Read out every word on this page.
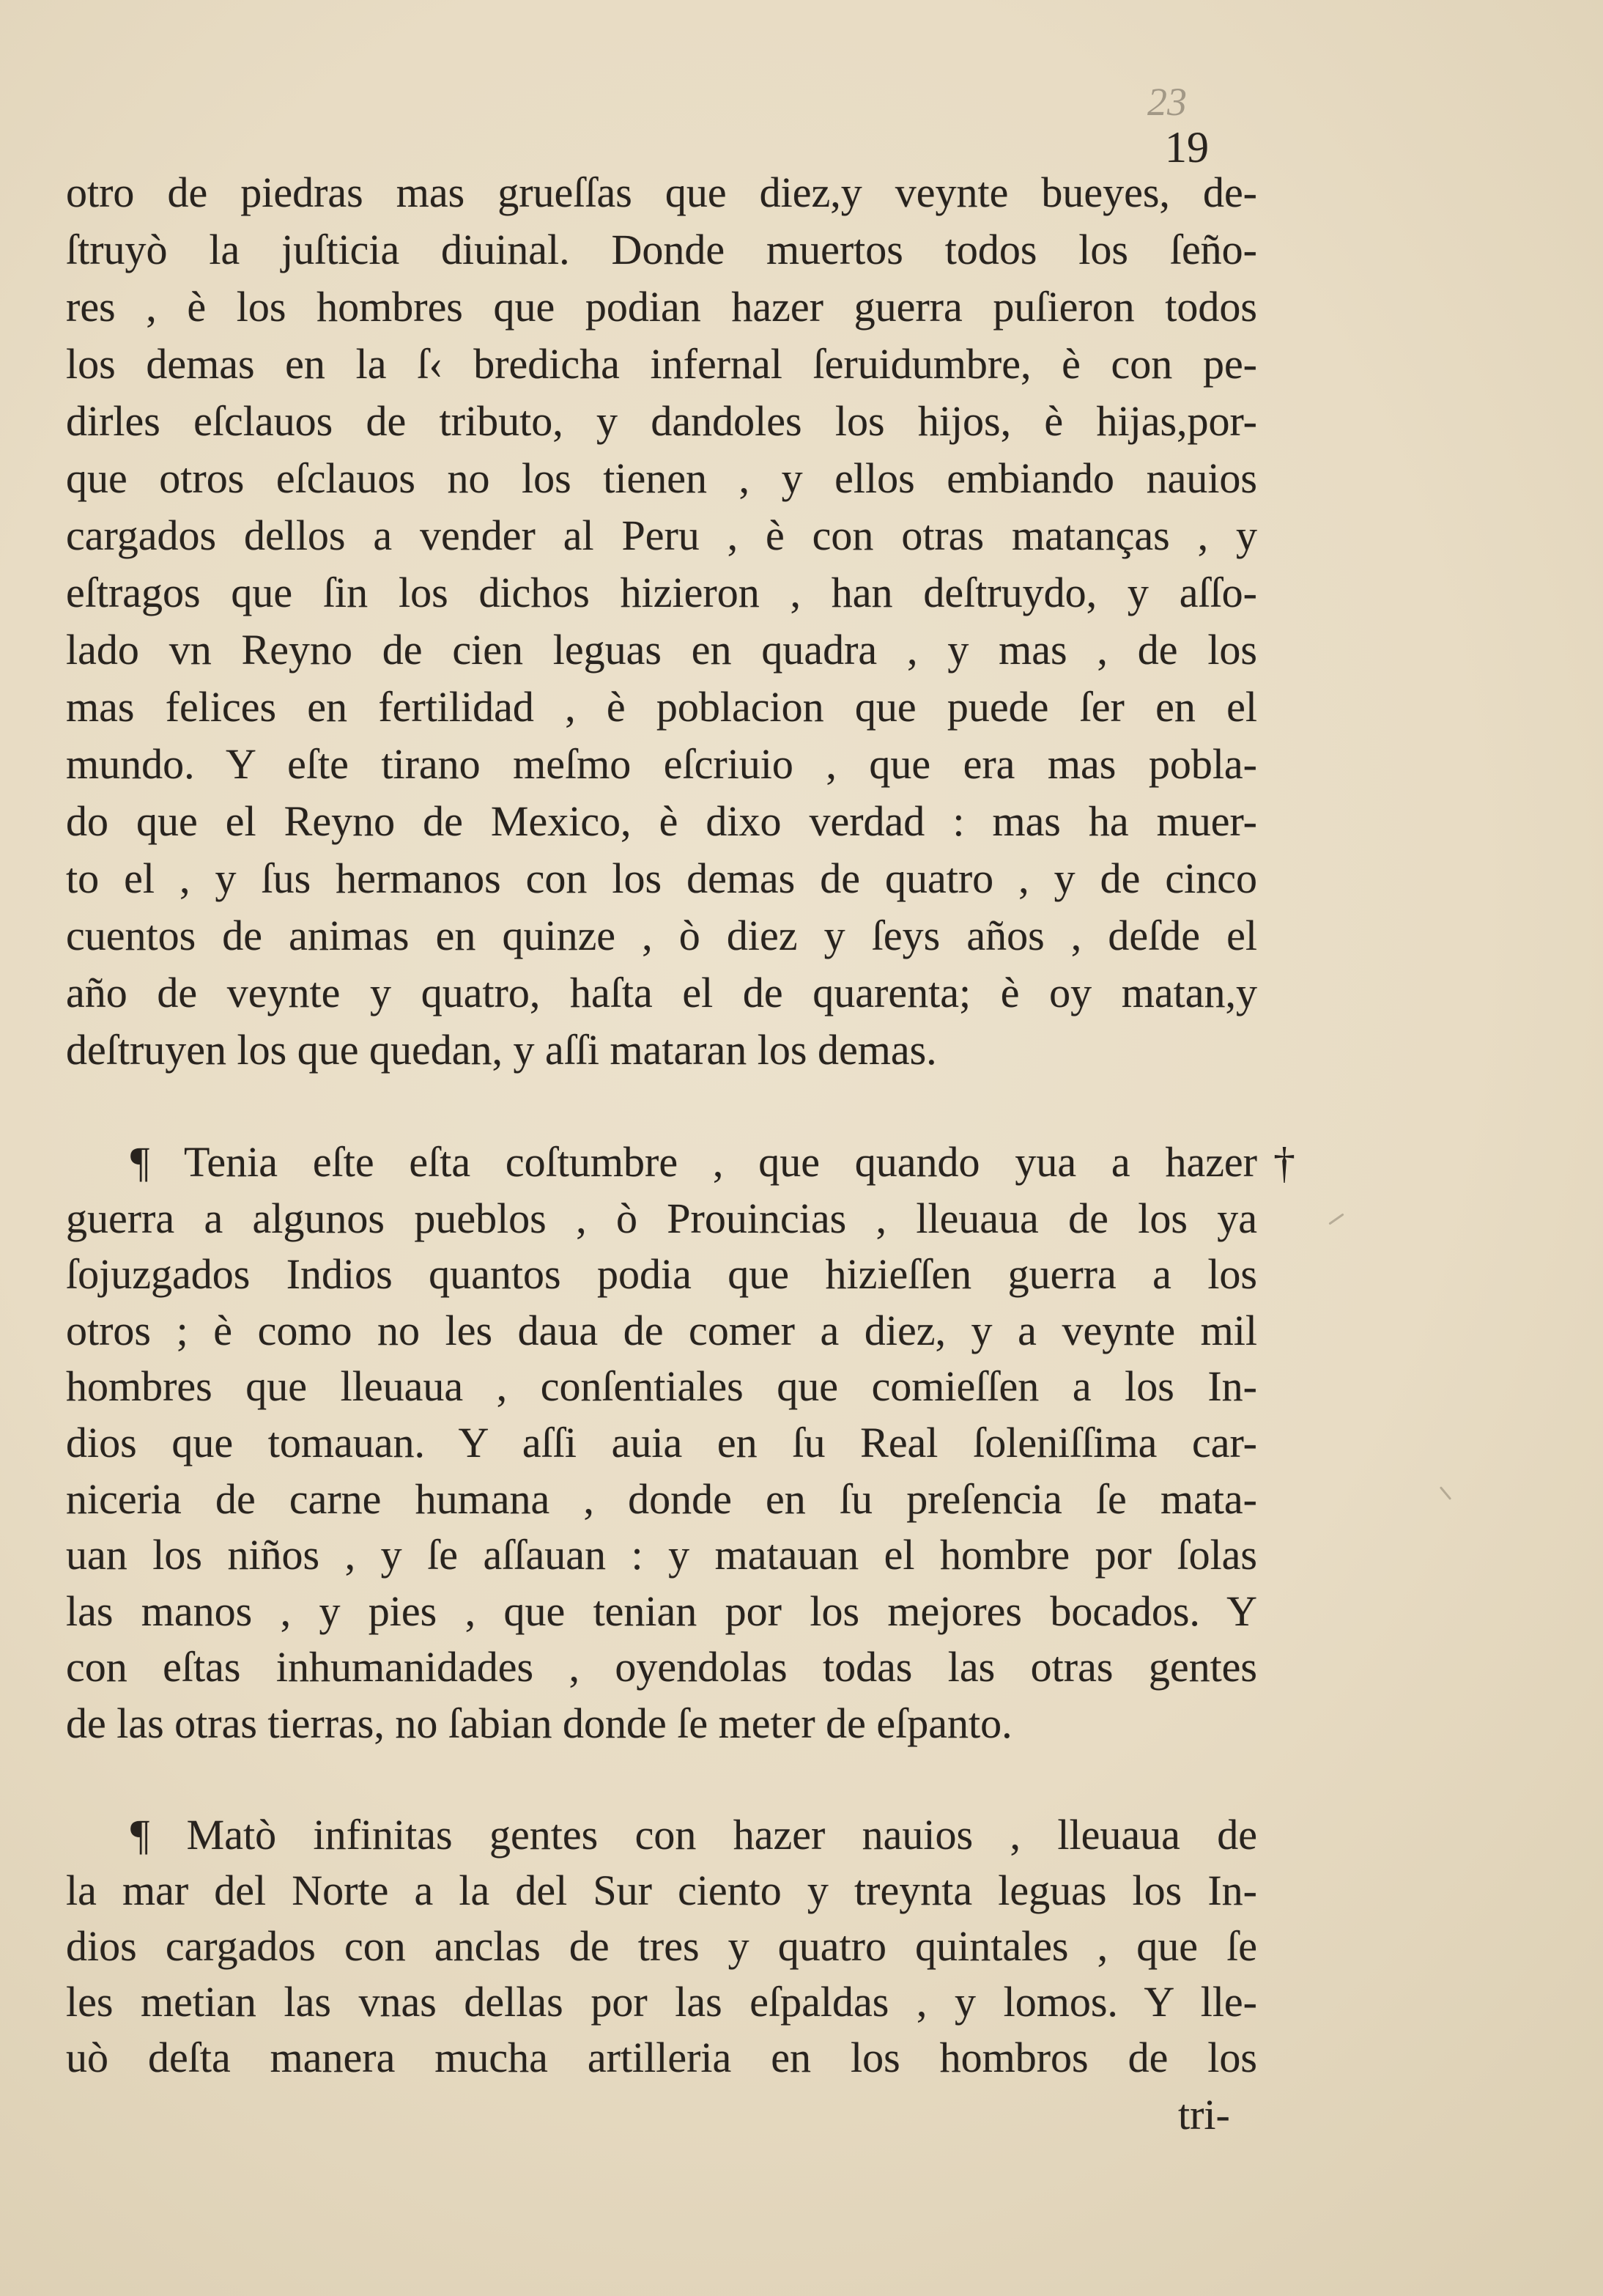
23
19
otro de piedras mas grueſſas que diez,y veynte bueyes, de-
ſtruyò la juſticia diuinal. Donde muertos todos los ſeño-
res , è los hombres que podian hazer guerra puſieron todos
los demas en la ſ‹ bredicha infernal ſeruidumbre, è con pe-
dirles eſclauos de tributo, y dandoles los hijos, è hijas,por-
que otros eſclauos no los tienen , y ellos embiando nauios
cargados dellos a vender al Peru , è con otras matanças , y
eſtragos que ſin los dichos hizieron , han deſtruydo, y aſſo-
lado vn Reyno de cien leguas en quadra , y mas , de los
mas felices en fertilidad , è poblacion que puede ſer en el
mundo. Y eſte tirano meſmo eſcriuio , que era mas pobla-
do que el Reyno de Mexico, è dixo verdad : mas ha muer-
to el , y ſus hermanos con los demas de quatro , y de cinco
cuentos de animas en quinze , ò diez y ſeys años , deſde el
año de veynte y quatro, haſta el de quarenta; è oy matan,y
deſtruyen los que quedan, y aſſi mataran los demas.
†
¶ Tenia eſte eſta coſtumbre , que quando yua a hazer
guerra a algunos pueblos , ò Prouincias , lleuaua de los ya
ſojuzgados Indios quantos podia que hizieſſen guerra a los
otros ; è como no les daua de comer a diez, y a veynte mil
hombres que lleuaua , conſentiales que comieſſen a los In-
dios que tomauan. Y aſſi auia en ſu Real ſoleniſſima car-
niceria de carne humana , donde en ſu preſencia ſe mata-
uan los niños , y ſe aſſauan : y matauan el hombre por ſolas
las manos , y pies , que tenian por los mejores bocados. Y
con eſtas inhumanidades , oyendolas todas las otras gentes
de las otras tierras, no ſabian donde ſe meter de eſpanto.
¶ Matò infinitas gentes con hazer nauios , lleuaua de
la mar del Norte a la del Sur ciento y treynta leguas los In-
dios cargados con anclas de tres y quatro quintales , que ſe
les metian las vnas dellas por las eſpaldas , y lomos. Y lle-
uò deſta manera mucha artilleria en los hombros de los
tri-
